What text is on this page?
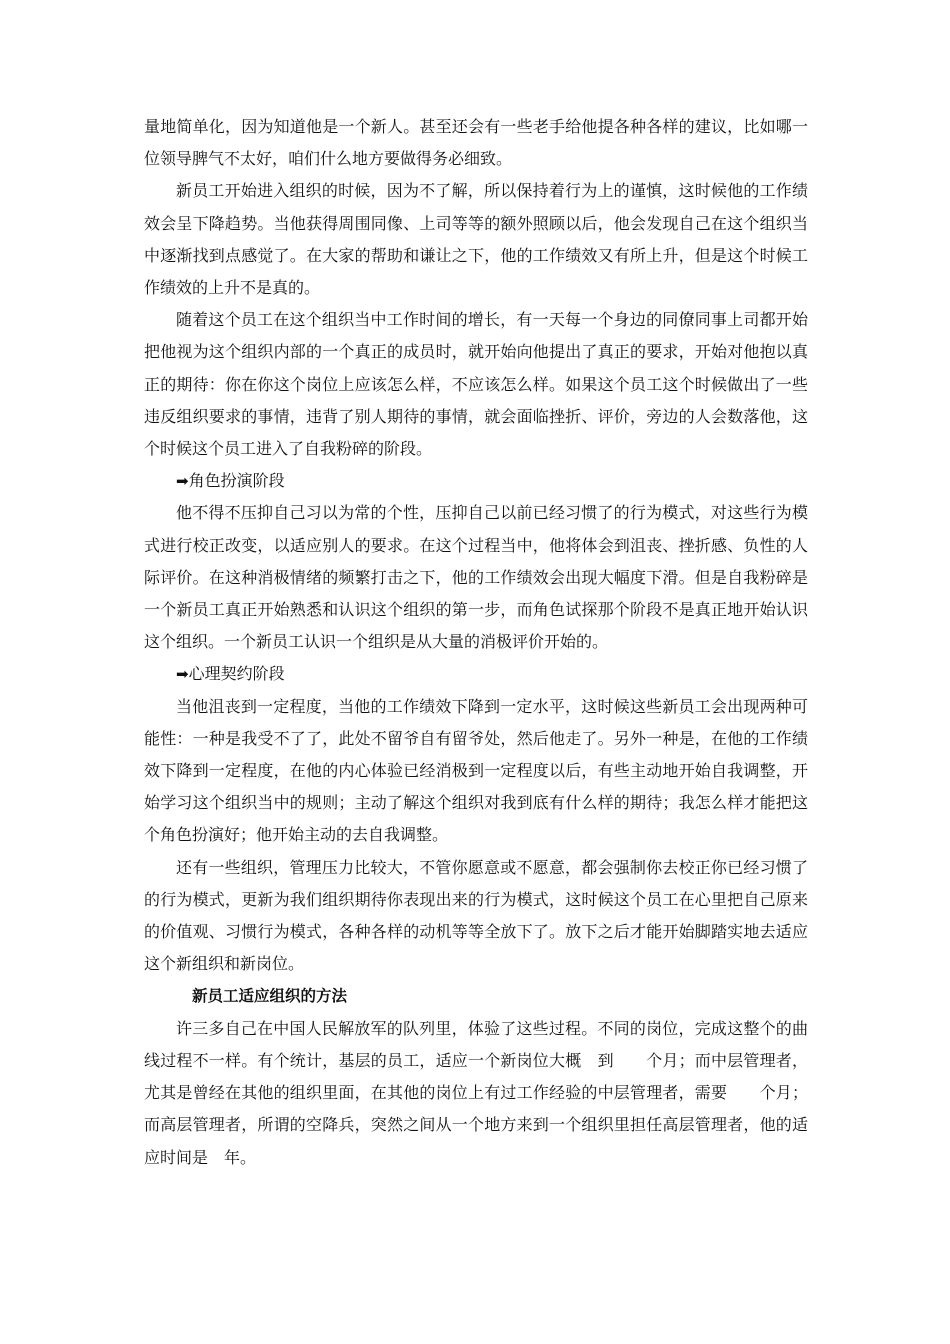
量地简单化，因为知道他是一个新人。甚至还会有一些老手给他提各种各样的建议，比如哪一位领导脾气不太好，咱们什么地方要做得务必细致。

新员工开始进入组织的时候，因为不了解，所以保持着行为上的谨慎，这时候他的工作绩效会呈下降趋势。当他获得周围同像、上司等等的额外照顾以后，他会发现自己在这个组织当中逐渐找到点感觉了。在大家的帮助和谦让之下，他的工作绩效又有所上升，但是这个时候工作绩效的上升不是真的。

随着这个员工在这个组织当中工作时间的增长，有一天每一个身边的同僚同事上司都开始把他视为这个组织内部的一个真正的成员时，就开始向他提出了真正的要求，开始对他抱以真正的期待：你在你这个岗位上应该怎么样，不应该怎么样。如果这个员工这个时候做出了一些违反组织要求的事情，违背了别人期待的事情，就会面临挫折、评价，旁边的人会数落他，这个时候这个员工进入了自我粉碎的阶段。

➡角色扮演阶段

他不得不压抑自己习以为常的个性，压抑自己以前已经习惯了的行为模式，对这些行为模式进行校正改变，以适应别人的要求。在这个过程当中，他将体会到沮丧、挫折感、负性的人际评价。在这种消极情绪的频繁打击之下，他的工作绩效会出现大幅度下滑。但是自我粉碎是一个新员工真正开始熟悉和认识这个组织的第一步，而角色试探那个阶段不是真正地开始认识这个组织。一个新员工认识一个组织是从大量的消极评价开始的。

➡心理契约阶段

当他沮丧到一定程度，当他的工作绩效下降到一定水平，这时候这些新员工会出现两种可能性：一种是我受不了了，此处不留爷自有留爷处，然后他走了。另外一种是，在他的工作绩效下降到一定程度，在他的内心体验已经消极到一定程度以后，有些主动地开始自我调整，开始学习这个组织当中的规则；主动了解这个组织对我到底有什么样的期待；我怎么样才能把这个角色扮演好；他开始主动的去自我调整。

还有一些组织，管理压力比较大，不管你愿意或不愿意，都会强制你去校正你已经习惯了的行为模式，更新为我们组织期待你表现出来的行为模式，这时候这个员工在心里把自己原来的价值观、习惯行为模式，各种各样的动机等等全放下了。放下之后才能开始脚踏实地去适应这个新组织和新岗位。

新员工适应组织的方法

许三多自己在中国人民解放军的队列里，体验了这些过程。不同的岗位，完成这整个的曲线过程不一样。有个统计，基层的员工，适应一个新岗位大概　到　　个月；而中层管理者，尤其是曾经在其他的组织里面，在其他的岗位上有过工作经验的中层管理者，需要　　个月；而高层管理者，所谓的空降兵，突然之间从一个地方来到一个组织里担任高层管理者，他的适应时间是　年。
